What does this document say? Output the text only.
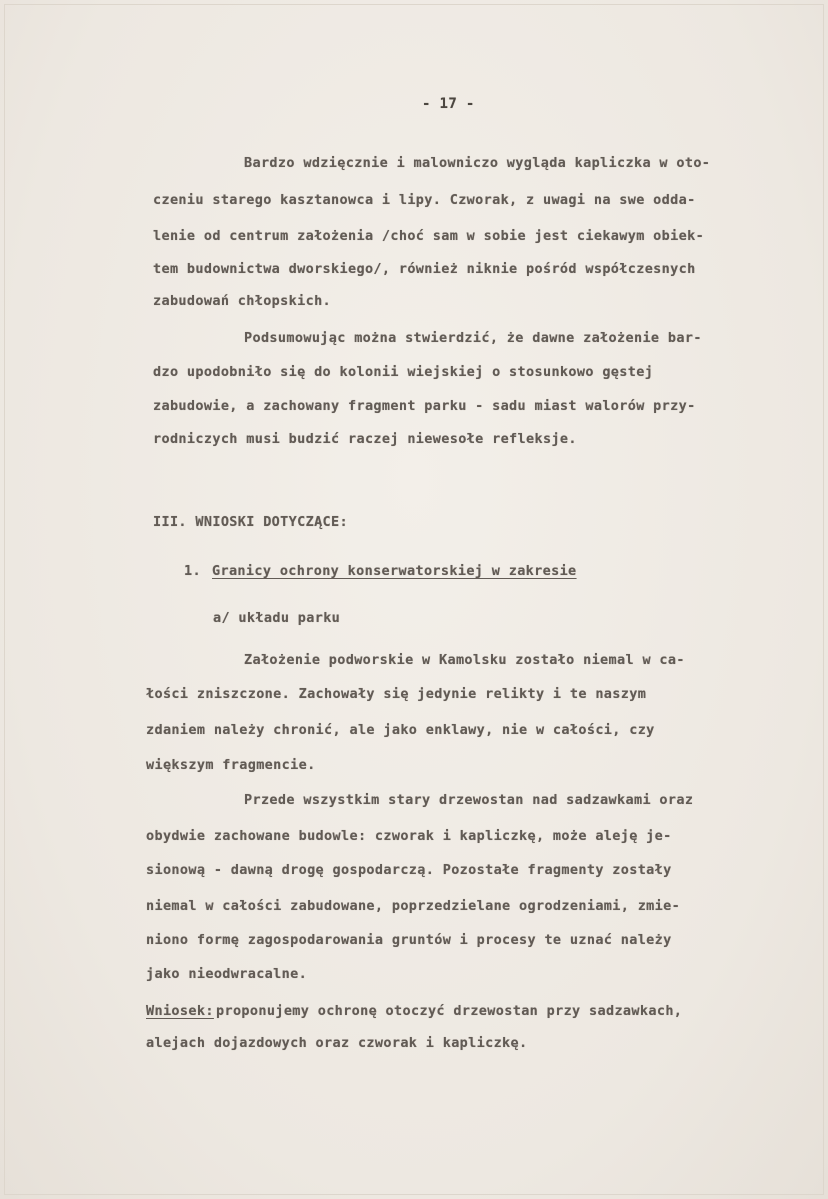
- 17 -
Bardzo wdzięcznie i malowniczo wygląda kapliczka w oto-
czeniu starego kasztanowca i lipy. Czworak, z uwagi na swe odda-
lenie od centrum założenia /choć sam w sobie jest ciekawym obiek-
tem budownictwa dworskiego/, również niknie pośród współczesnych
zabudowań chłopskich.
Podsumowując można stwierdzić, że dawne założenie bar-
dzo upodobniło się do kolonii wiejskiej o stosunkowo gęstej
zabudowie, a zachowany fragment parku - sadu miast walorów przy-
rodniczych musi budzić raczej niewesołe refleksje.
III. WNIOSKI DOTYCZĄCE:
1. Granicy ochrony konserwatorskiej w zakresie
a/ układu parku
Założenie podworskie w Kamolsku zostało niemal w ca-
łości zniszczone. Zachowały się jedynie relikty i te naszym
zdaniem należy chronić, ale jako enklawy, nie w całości, czy
większym fragmencie.
Przede wszystkim stary drzewostan nad sadzawkami oraz
obydwie zachowane budowle: czworak i kapliczkę, może aleję je-
sionową - dawną drogę gospodarczą. Pozostałe fragmenty zostały
niemal w całości zabudowane, poprzedzielane ogrodzeniami, zmie-
niono formę zagospodarowania gruntów i procesy te uznać należy
jako nieodwracalne.
Wniosek: proponujemy ochronę otoczyć drzewostan przy sadzawkach,
alejach dojazdowych oraz czworak i kapliczkę.
